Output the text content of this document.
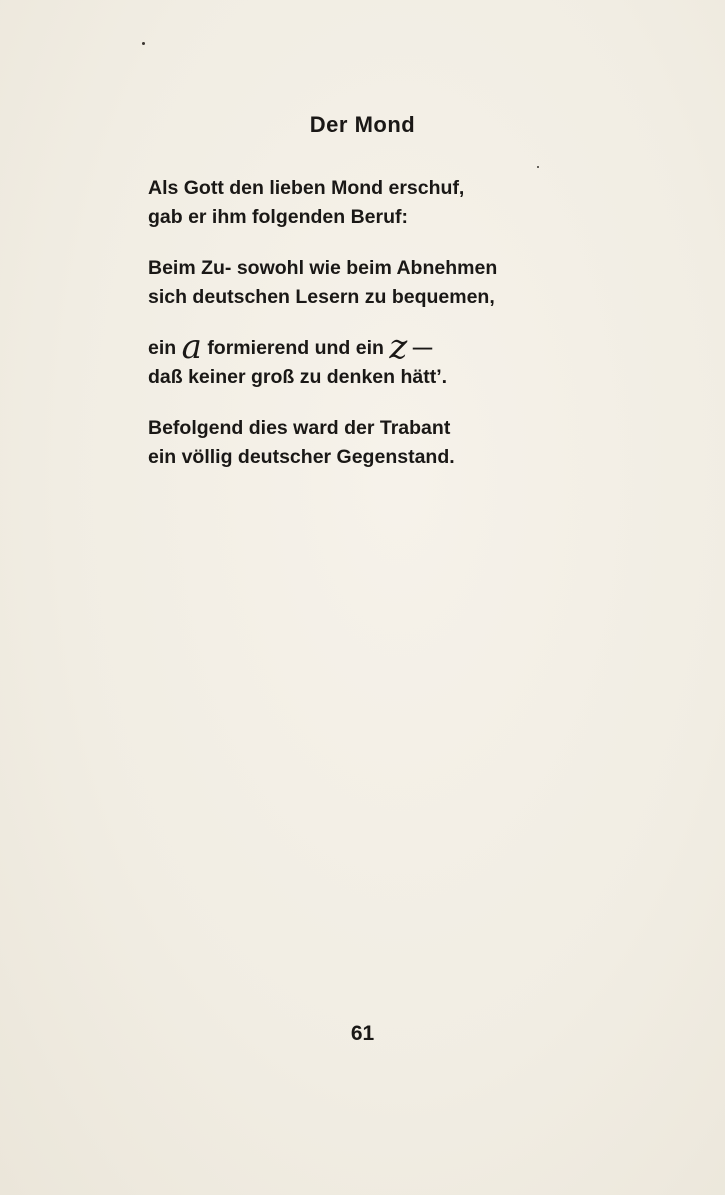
Der Mond
Als Gott den lieben Mond erschuf,
gab er ihm folgenden Beruf:
Beim Zu- sowohl wie beim Abnehmen
sich deutschen Lesern zu bequemen,
ein a formierend und ein z —
daß keiner groß zu denken hätt’.
Befolgend dies ward der Trabant
ein völlig deutscher Gegenstand.
61
